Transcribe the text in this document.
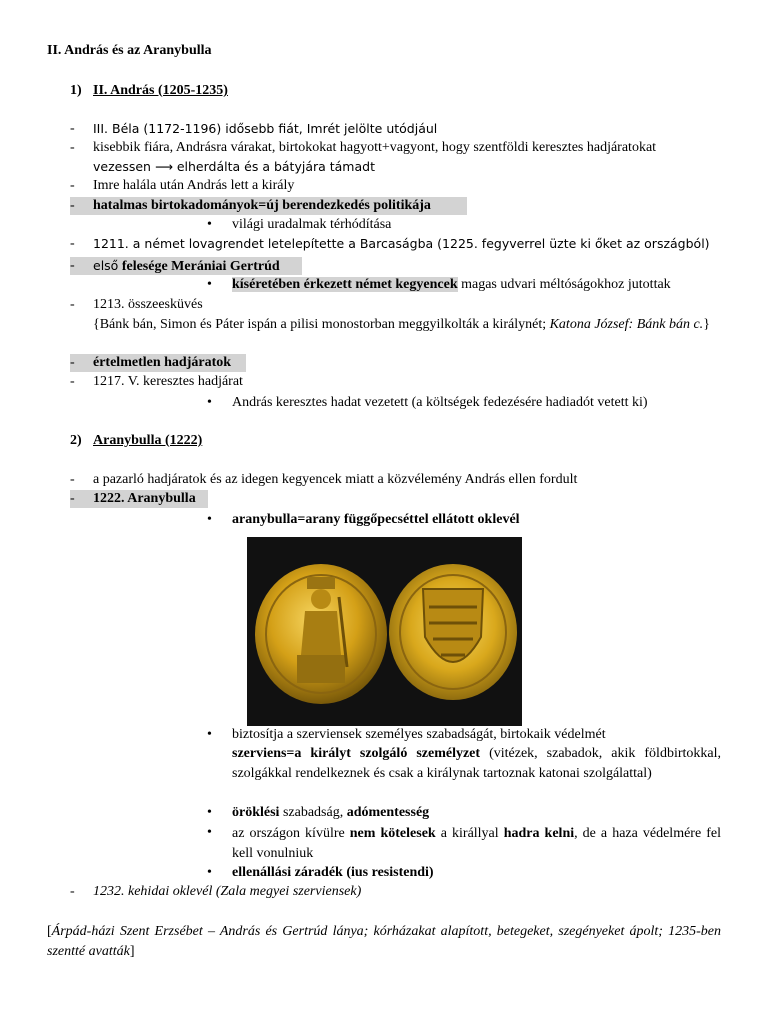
II. András és az Aranybulla
1) II. András (1205-1235)
-	III. Béla (1172-1196) idősebb fiát, Imrét jelölte utódjául
-	kisebbik fiára, Andrásra várakat, birtokokat hagyott+vagyont, hogy szentföldi keresztes hadjáratokat
vezessen ⟶ elherdálta és a bátyjára támadt
-	Imre halála után András lett a király
-	hatalmas birtokadományok=új berendezkedés politikája
• világi uradalmak térhódítása
-	1211. a német lovagrendet letelepítette a Barcaságba (1225. fegyverrel üzte ki őket az országból)
-	első felesége Merániai Gertrúd
• kíséretében érkezett német kegyencek magas udvari méltóságokhoz jutottak
-	1213. összeesküvés
{Bánk bán, Simon és Páter ispán a pilisi monostorban meggyilkolták a királynét; Katona József: Bánk bán c.}
-	értelmetlen hadjáratok
-	1217. V. keresztes hadjárat
• András keresztes hadat vezetett (a költségek fedezésére hadiadót vetett ki)
2) Aranybulla (1222)
-	a pazarló hadjáratok és az idegen kegyencek miatt a közvélemény András ellen fordult
-	1222. Aranybulla
• aranybulla=arany függőpecséttel ellátott oklevél
• biztosítja a szerviensek személyes szabadságát, birtokaik védelmét
szerviens=a királyt szolgáló személyzet (vitézek, szabadok, akik földbirtokkal, szolgákkal rendelkeznek és csak a királynak tartoznak katonai szolgálattal)
• öröklési szabadság, adómentesség
• az országon kívülre nem kötelesek a királlyal hadra kelni, de a haza védelmére fel kell vonulniuk
• ellenállási záradék (ius resistendi)
-	1232. kehidai oklevél (Zala megyei szerviensek)
[Árpád-házi Szent Erzsébet – András és Gertrúd lánya; kórházakat alapított, betegeket, szegényeket ápolt; 1235-ben szentté avatták]
